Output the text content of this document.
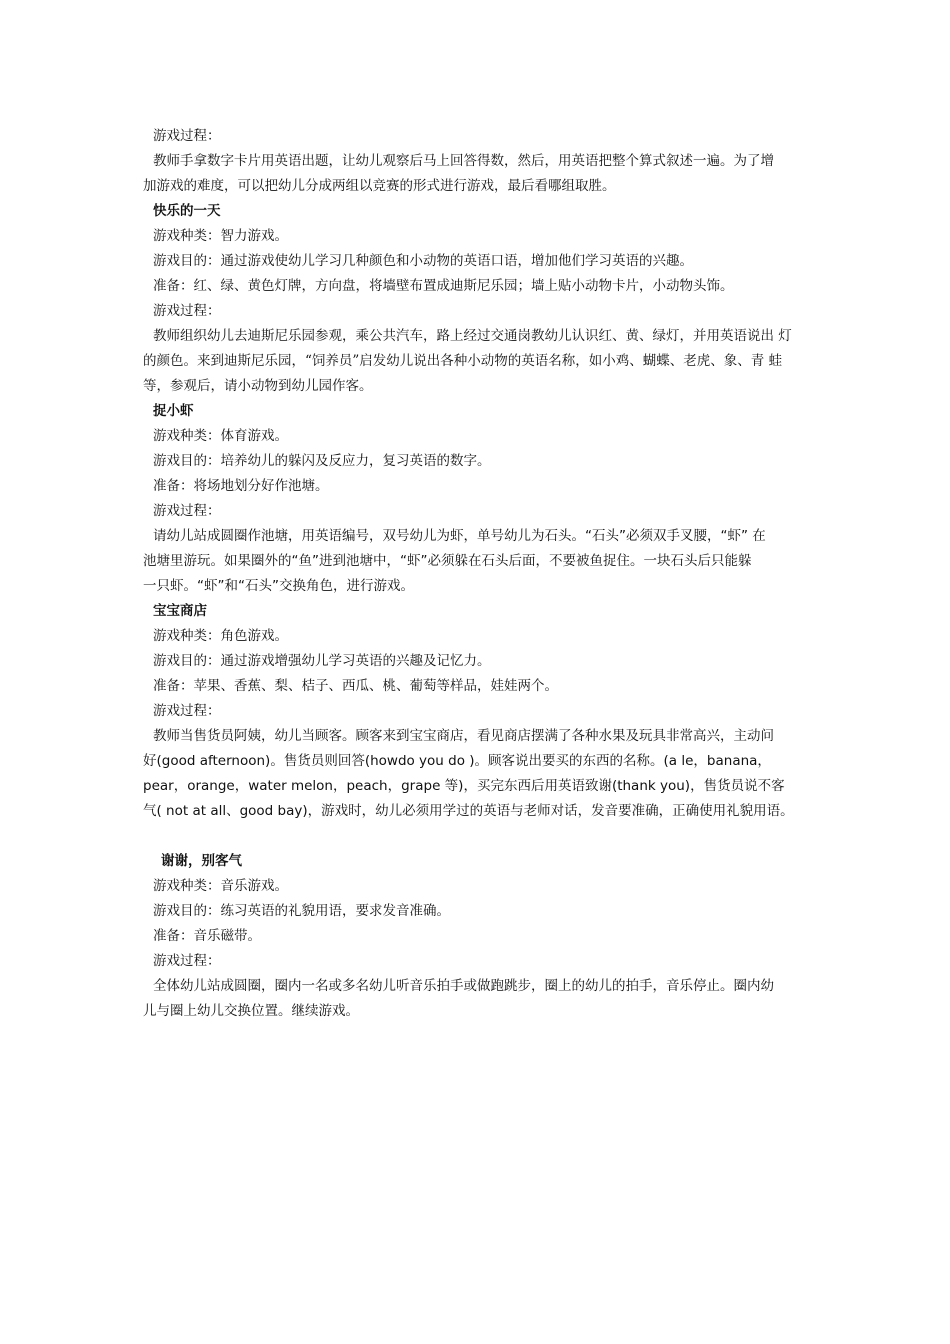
游戏过程：
教师手拿数字卡片用英语出题，让幼儿观察后马上回答得数，然后，用英语把整个算式叙述一遍。为了增
加游戏的难度，可以把幼儿分成两组以竞赛的形式进行游戏，最后看哪组取胜。
快乐的一天
游戏种类：智力游戏。
游戏目的：通过游戏使幼儿学习几种颜色和小动物的英语口语，增加他们学习英语的兴趣。
准备：红、绿、黄色灯牌，方向盘，将墙壁布置成迪斯尼乐园；墙上贴小动物卡片，小动物头饰。
游戏过程：
教师组织幼儿去迪斯尼乐园参观，乘公共汽车，路上经过交通岗教幼儿认识红、黄、绿灯，并用英语说出 灯
的颜色。来到迪斯尼乐园，“饲养员”启发幼儿说出各种小动物的英语名称，如小鸡、蝴蝶、老虎、象、青 蛙
等，参观后，请小动物到幼儿园作客。
捉小虾
游戏种类：体育游戏。
游戏目的：培养幼儿的躲闪及反应力，复习英语的数字。
准备：将场地划分好作池塘。
游戏过程：
请幼儿站成圆圈作池塘，用英语编号，双号幼儿为虾，单号幼儿为石头。“石头”必须双手叉腰，“虾” 在
池塘里游玩。如果圈外的“鱼”进到池塘中，“虾”必须躲在石头后面，不要被鱼捉住。一块石头后只能躲
一只虾。“虾”和“石头”交换角色，进行游戏。
宝宝商店
游戏种类：角色游戏。
游戏目的：通过游戏增强幼儿学习英语的兴趣及记忆力。
准备：苹果、香蕉、梨、桔子、西瓜、桃、葡萄等样品，娃娃两个。
游戏过程：
教师当售货员阿姨，幼儿当顾客。顾客来到宝宝商店，看见商店摆满了各种水果及玩具非常高兴，主动问
好(good afternoon)。售货员则回答(howdo you do )。顾客说出要买的东西的名称。(a le，banana，
pear，orange，water melon，peach，grape 等)，买完东西后用英语致谢(thank you)，售货员说不客
气( not at all、good bay)，游戏时，幼儿必须用学过的英语与老师对话，发音要准确，正确使用礼貌用语。
谢谢，别客气
游戏种类：音乐游戏。
游戏目的：练习英语的礼貌用语，要求发音准确。
准备：音乐磁带。
游戏过程：
全体幼儿站成圆圈，圈内一名或多名幼儿听音乐拍手或做跑跳步，圈上的幼儿的拍手，音乐停止。圈内幼
儿与圈上幼儿交换位置。继续游戏。
